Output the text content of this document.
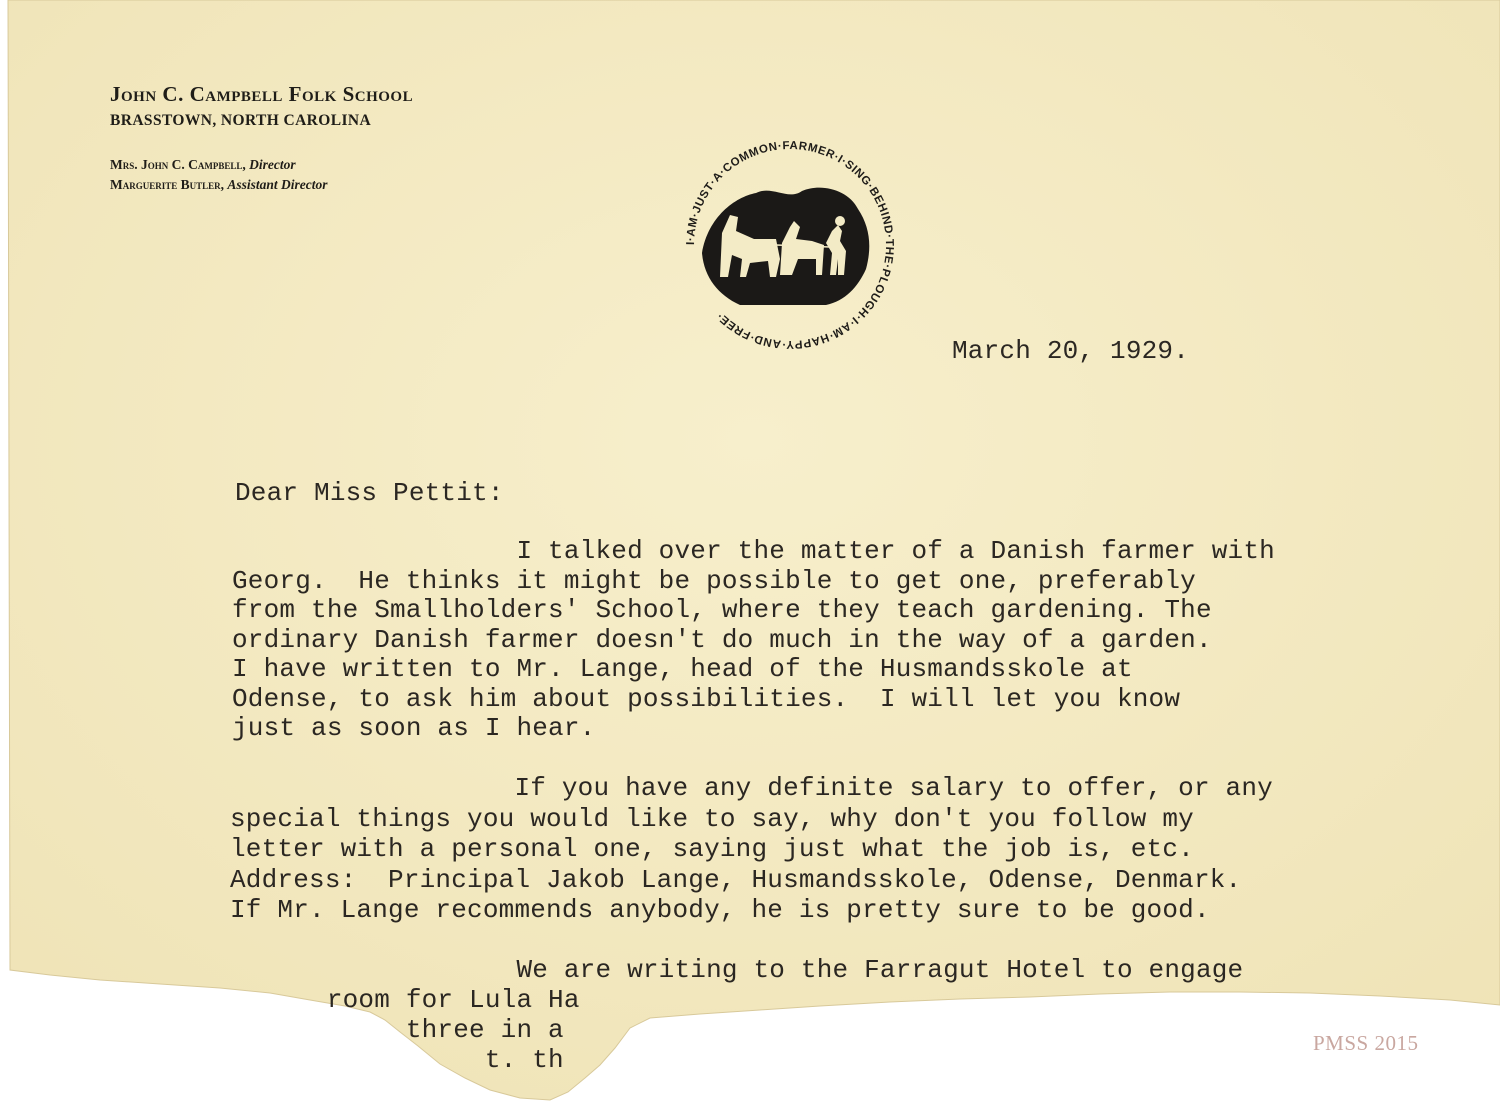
John C. Campbell Folk School
BRASSTOWN, NORTH CAROLINA
Mrs. John C. Campbell, Director
Marguerite Butler, Assistant Director
I·AM·JUST·A·COMMON·FARMER·I·SING·BEHIND·THE·PLOUGH·I·AM·HAPPY·AND·FREE·
March 20, 1929.
Dear Miss Pettit:
I talked over the matter of a Danish farmer with
Georg.  He thinks it might be possible to get one, preferably
from the Smallholders' School, where they teach gardening. The
ordinary Danish farmer doesn't do much in the way of a garden.
I have written to Mr. Lange, head of the Husmandsskole at
Odense, to ask him about possibilities.  I will let you know
just as soon as I hear.
If you have any definite salary to offer, or any
special things you would like to say, why don't you follow my
letter with a personal one, saying just what the job is, etc.
Address:  Principal Jakob Lange, Husmandsskole, Odense, Denmark.
If Mr. Lange recommends anybody, he is pretty sure to be good.
We are writing to the Farragut Hotel to engage
room for Lula Ha
three in a
t. th
PMSS 2015
